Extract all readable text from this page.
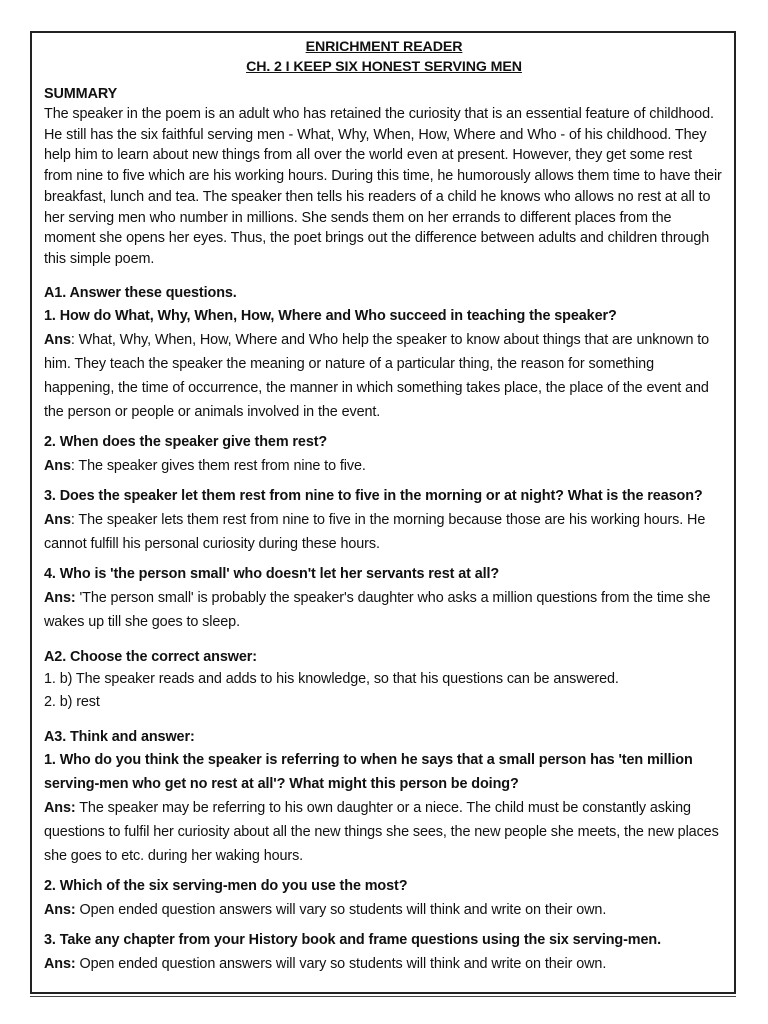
ENRICHMENT READER
CH. 2 I KEEP SIX HONEST SERVING MEN
SUMMARY

The speaker in the poem is an adult who has retained the curiosity that is an essential feature of childhood. He still has the six faithful serving men - What, Why, When, How, Where and Who - of his childhood. They help him to learn about new things from all over the world even at present. However, they get some rest from nine to five which are his working hours. During this time, he humorously allows them time to have their breakfast, lunch and tea. The speaker then tells his readers of a child he knows who allows no rest at all to her serving men who number in millions. She sends them on her errands to different places from the moment she opens her eyes. Thus, the poet brings out the difference between adults and children through this simple poem.

A1. Answer these questions.
1. How do What, Why, When, How, Where and Who succeed in teaching the speaker?

Ans: What, Why, When, How, Where and Who help the speaker to know about things that are unknown to him. They teach the speaker the meaning or nature of a particular thing, the reason for something happening, the time of occurrence, the manner in which something takes place, the place of the event and the person or people or animals involved in the event.

2. When does the speaker give them rest?

Ans: The speaker gives them rest from nine to five.

3. Does the speaker let them rest from nine to five in the morning or at night? What is the reason?

Ans: The speaker lets them rest from nine to five in the morning because those are his working hours. He cannot fulfill his personal curiosity during these hours.

4. Who is 'the person small' who doesn't let her servants rest at all?

Ans: 'The person small' is probably the speaker's daughter who asks a million questions from the time she wakes up till she goes to sleep.

A2. Choose the correct answer:
1. b) The speaker reads and adds to his knowledge, so that his questions can be answered.
2. b) rest
A3. Think and answer:
1. Who do you think the speaker is referring to when he says that a small person has 'ten million serving-men who get no rest at all'? What might this person be doing?

Ans: The speaker may be referring to his own daughter or a niece. The child must be constantly asking questions to fulfil her curiosity about all the new things she sees, the new people she meets, the new places she goes to etc. during her waking hours.

2. Which of the six serving-men do you use the most?

Ans: Open ended question answers will vary so students will think and write on their own.

3. Take any chapter from your History book and frame questions using the six serving-men.

Ans: Open ended question answers will vary so students will think and write on their own.
